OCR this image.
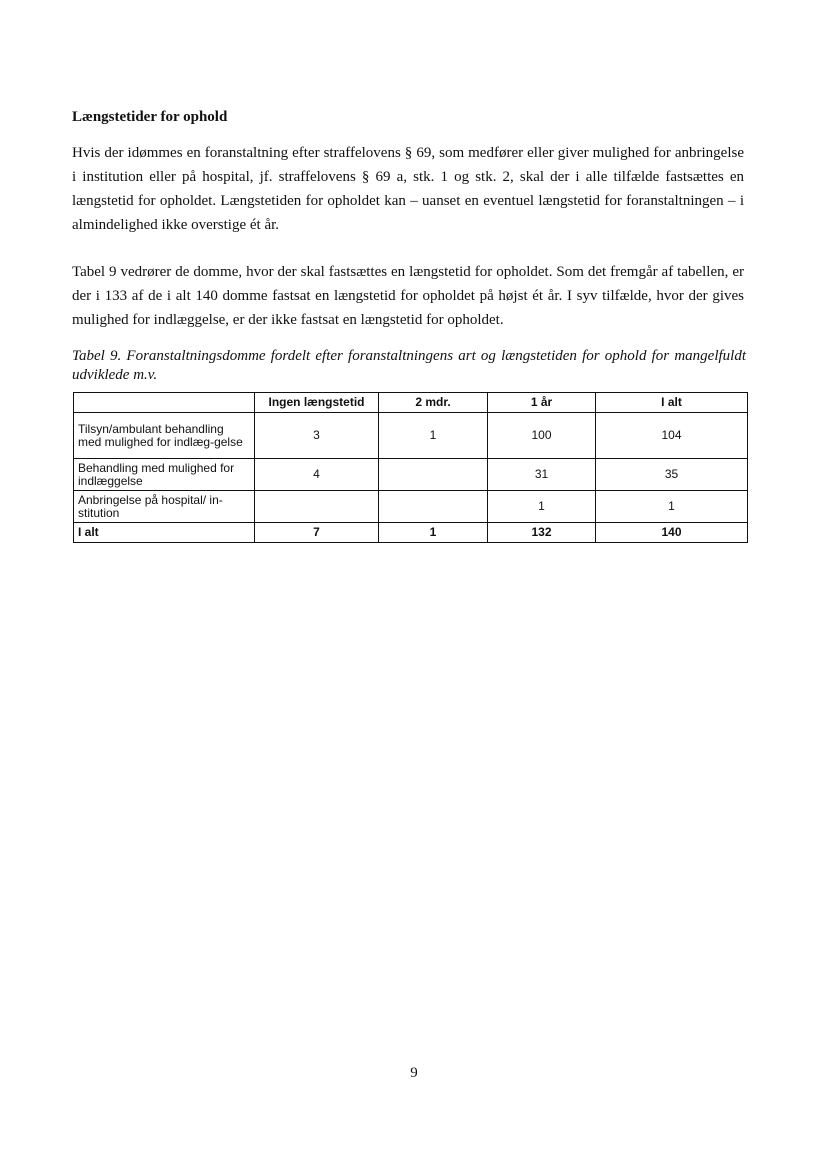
Længstetider for ophold

Hvis der idømmes en foranstaltning efter straffelovens § 69, som medfører eller giver mulighed for anbringelse i institution eller på hospital, jf. straffelovens § 69 a, stk. 1 og stk. 2, skal der i alle tilfælde fastsættes en længstetid for opholdet. Længstetiden for opholdet kan – uanset en eventuel længstetid for foranstaltningen – i almindelighed ikke overstige ét år.

Tabel 9 vedrører de domme, hvor der skal fastsættes en længstetid for opholdet. Som det fremgår af tabellen, er der i 133 af de i alt 140 domme fastsat en længstetid for opholdet på højst ét år. I syv tilfælde, hvor der gives mulighed for indlæggelse, er der ikke fastsat en længstetid for opholdet.

Tabel 9. Foranstaltningsdomme fordelt efter foranstaltningens art og længstetiden for ophold for mangelfuldt udviklede m.v.

	Ingen længstetid	2 mdr.	1 år	I alt
Tilsyn/ambulant behandling med mulighed for indlæg-gelse	3	1	100	104
Behandling med mulighed for indlæggelse	4		31	35
Anbringelse på hospital/ in-stitution			1	1
I alt	7	1	132	140

9
